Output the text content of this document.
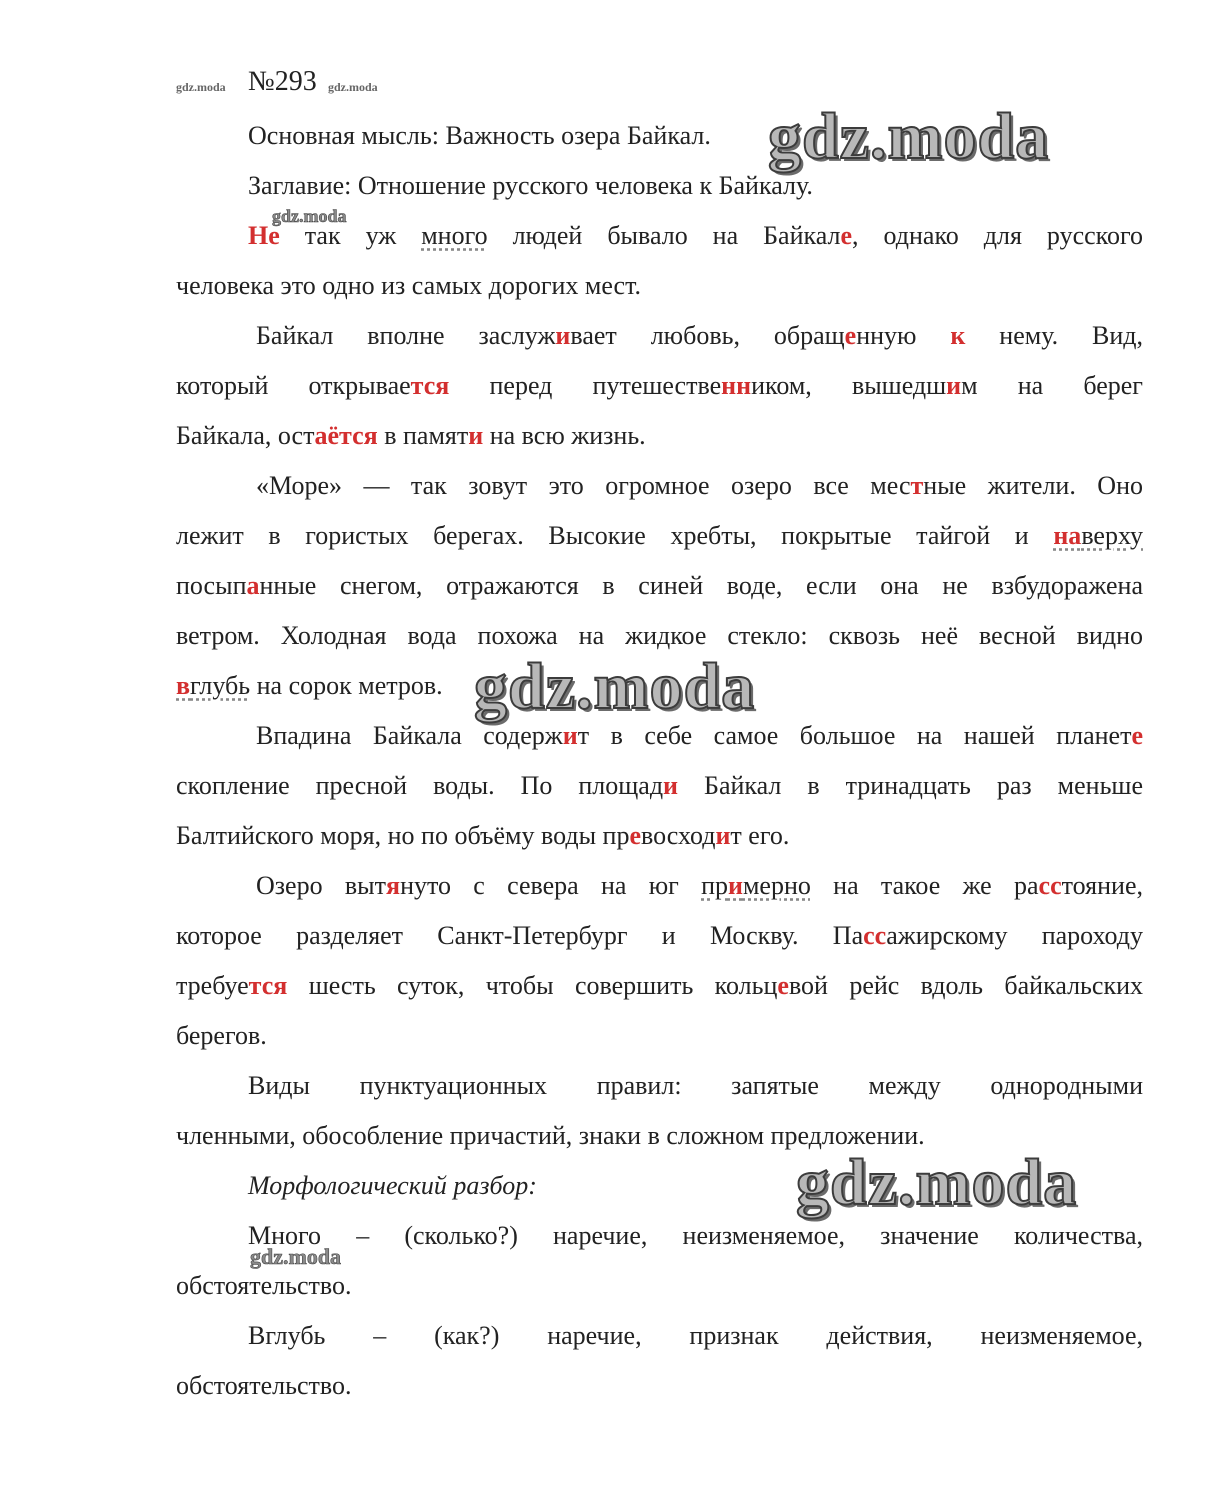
gdz.moda №293 gdz.moda
Основная мысль: Важность озера Байкал. gdz.moda
Заглавие: Отношение русского человека к Байкалу.
gdz.moda
Не так уж много людей бывало на Байкале, однако для русского
человека это одно из самых дорогих мест.
Байкал вполне заслуживает любовь, обращенную к нему. Вид,
который открывается перед путешественником, вышедшим на берег
Байкала, остаётся в памяти на всю жизнь.
«Море» — так зовут это огромное озеро все местные жители. Оно
лежит в гористых берегах. Высокие хребты, покрытые тайгой и наверху
посыпанные снегом, отражаются в синей воде, если она не взбудоражена
ветром. Холодная вода похожа на жидкое стекло: сквозь неё весной видно
вглубь на сорок метров. gdz.moda
Впадина Байкала содержит в себе самое большое на нашей планете
скопление пресной воды. По площади Байкал в тринадцать раз меньше
Балтийского моря, но по объёму воды превосходит его.
Озеро вытянуто с севера на юг примерно на такое же расстояние,
которое разделяет Санкт-Петербург и Москву. Пассажирскому пароходу
требуется шесть суток, чтобы совершить кольцевой рейс вдоль байкальских
берегов.
Виды пунктуационных правил: запятые между однородными
членными, обособление причастий, знаки в сложном предложении.
Морфологический разбор:	gdz.moda
Много – (сколько?) наречие, неизменяемое, значение количества,
gdz.moda
обстоятельство.
Вглубь – (как?) наречие, признак действия, неизменяемое,
обстоятельство.
